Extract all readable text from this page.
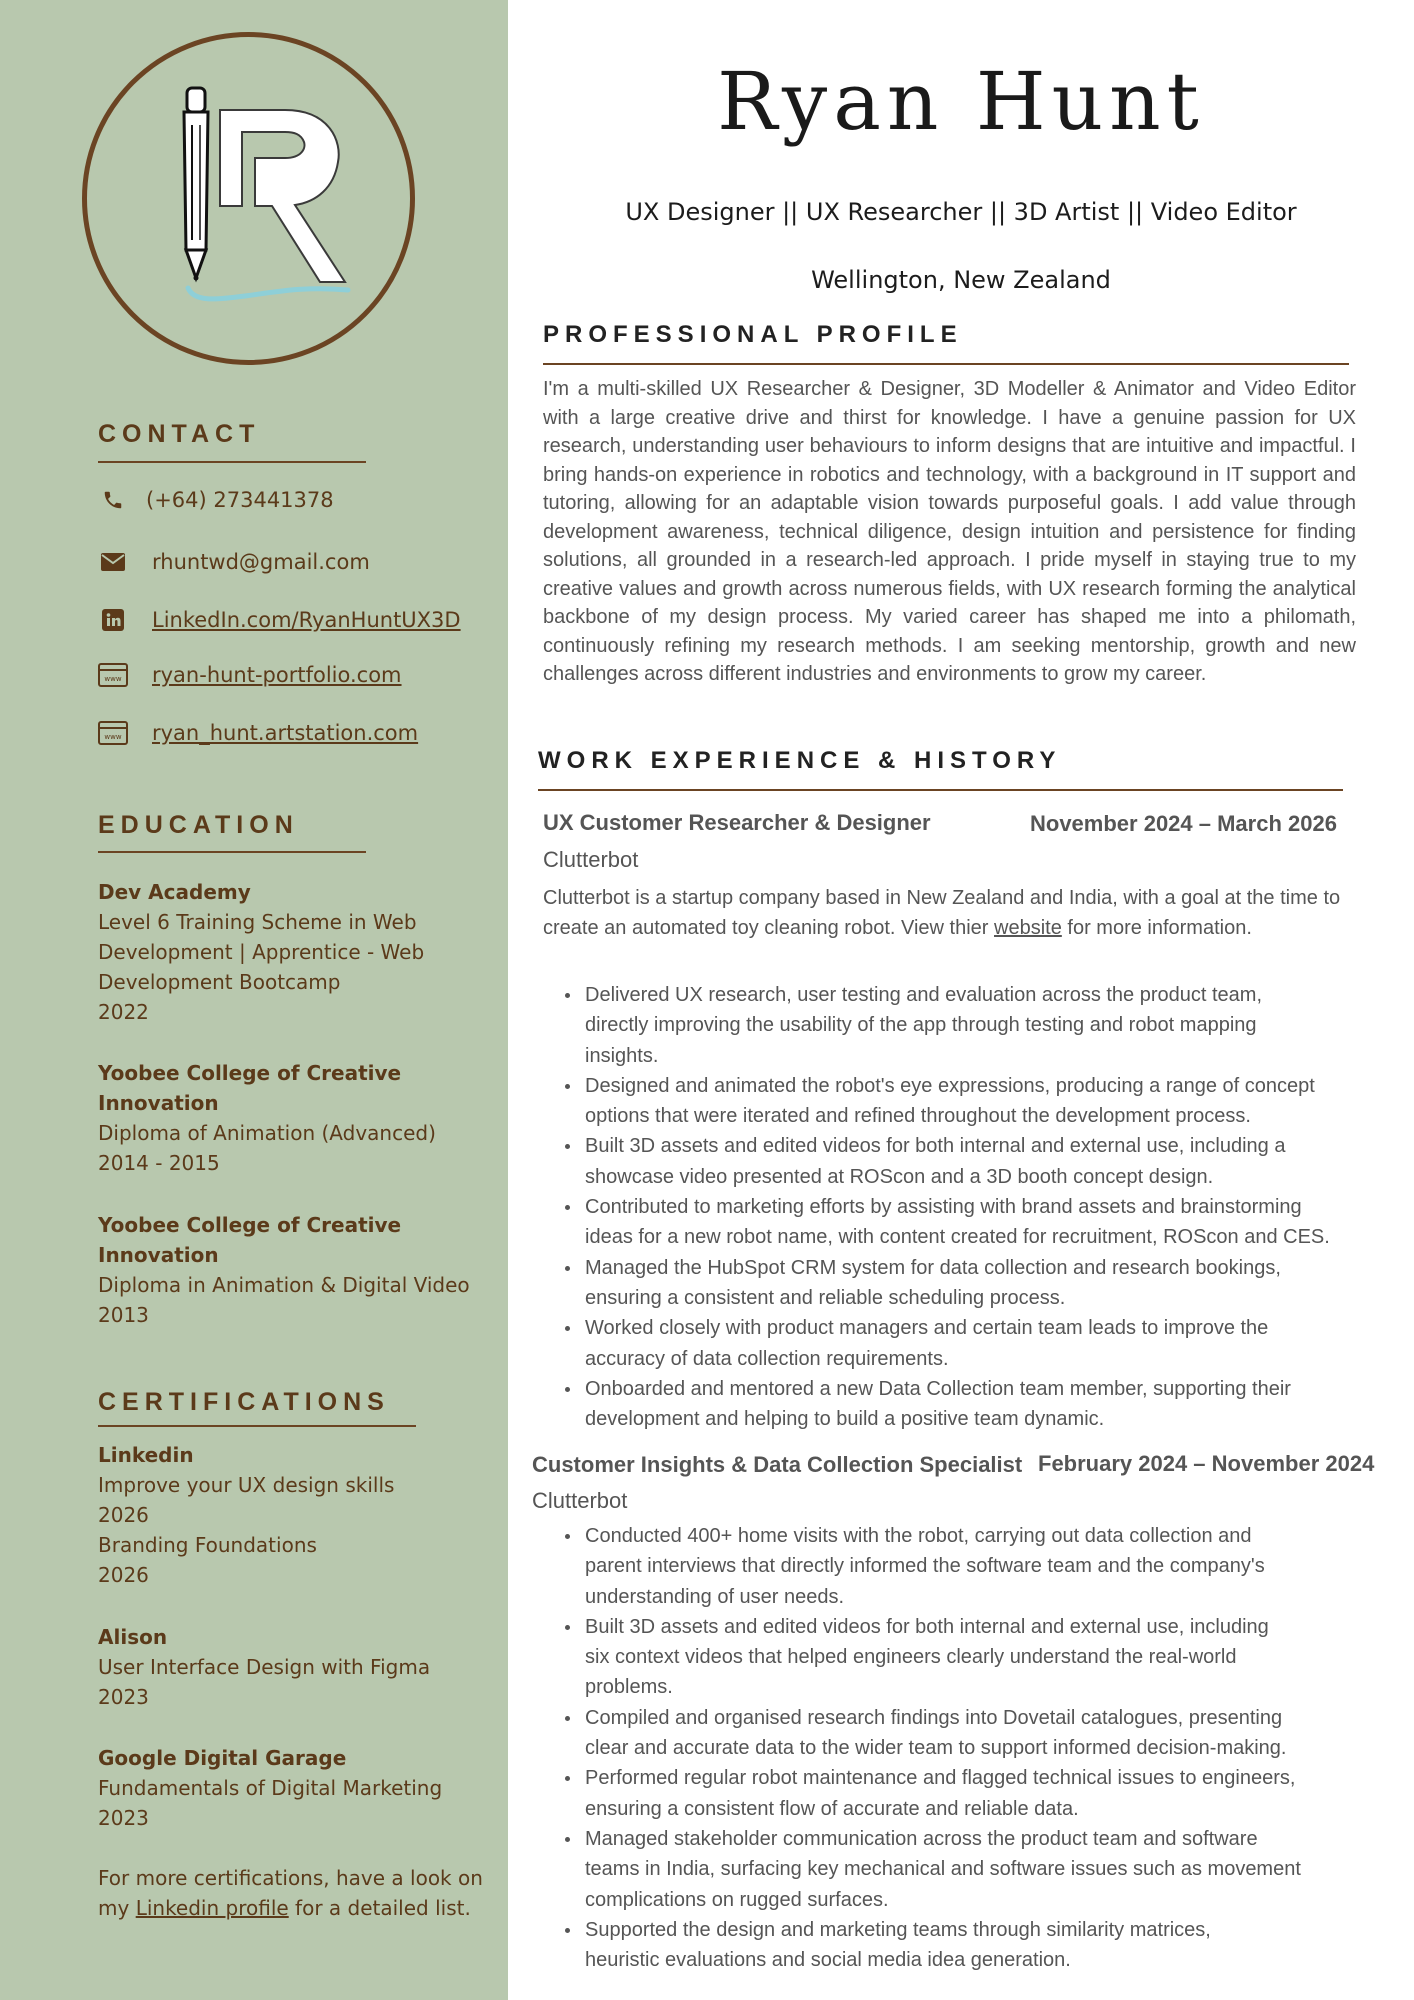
CONTACT
(+64) 273441378
rhuntwd@gmail.com
LinkedIn.com/RyanHuntUX3D
www ryan-hunt-portfolio.com
www ryan_hunt.artstation.com
EDUCATION
Dev Academy
Level 6 Training Scheme in Web
Development | Apprentice - Web
Development Bootcamp
2022
Yoobee College of Creative
Innovation
Diploma of Animation (Advanced)
2014 - 2015
Yoobee College of Creative
Innovation
Diploma in Animation & Digital Video
2013
CERTIFICATIONS
Linkedin
Improve your UX design skills
2026
Branding Foundations
2026
Alison
User Interface Design with Figma
2023
Google Digital Garage
Fundamentals of Digital Marketing
2023
For more certifications, have a look on
my Linkedin profile for a detailed list.
Ryan Hunt
UX Designer || UX Researcher || 3D Artist || Video Editor
Wellington, New Zealand
PROFESSIONAL PROFILE
I'm a multi-skilled UX Researcher & Designer, 3D Modeller & Animator and Video Editor with a large creative drive and thirst for knowledge. I have a genuine passion for UX research, understanding user behaviours to inform designs that are intuitive and impactful. I bring hands-on experience in robotics and technology, with a background in IT support and tutoring, allowing for an adaptable vision towards purposeful goals. I add value through development awareness, technical diligence, design intuition and persistence for finding solutions, all grounded in a research-led approach. I pride myself in staying true to my creative values and growth across numerous fields, with UX research forming the analytical backbone of my design process. My varied career has shaped me into a philomath, continuously refining my research methods. I am seeking mentorship, growth and new challenges across different industries and environments to grow my career.
WORK EXPERIENCE & HISTORY
UX Customer Researcher & Designer	November 2024 – March 2026
Clutterbot
Clutterbot is a startup company based in New Zealand and India, with a goal at the time to create an automated toy cleaning robot. View thier website for more information.
Delivered UX research, user testing and evaluation across the product team,
directly improving the usability of the app through testing and robot mapping
insights.
Designed and animated the robot's eye expressions, producing a range of concept
options that were iterated and refined throughout the development process.
Built 3D assets and edited videos for both internal and external use, including a
showcase video presented at ROScon and a 3D booth concept design.
Contributed to marketing efforts by assisting with brand assets and brainstorming
ideas for a new robot name, with content created for recruitment, ROScon and CES.
Managed the HubSpot CRM system for data collection and research bookings,
ensuring a consistent and reliable scheduling process.
Worked closely with product managers and certain team leads to improve the
accuracy of data collection requirements.
Onboarded and mentored a new Data Collection team member, supporting their
development and helping to build a positive team dynamic.
Customer Insights & Data Collection Specialist February 2024 – November 2024
Clutterbot
Conducted 400+ home visits with the robot, carrying out data collection and
parent interviews that directly informed the software team and the company's
understanding of user needs.
Built 3D assets and edited videos for both internal and external use, including
six context videos that helped engineers clearly understand the real-world
problems.
Compiled and organised research findings into Dovetail catalogues, presenting
clear and accurate data to the wider team to support informed decision-making.
Performed regular robot maintenance and flagged technical issues to engineers,
ensuring a consistent flow of accurate and reliable data.
Managed stakeholder communication across the product team and software
teams in India, surfacing key mechanical and software issues such as movement
complications on rugged surfaces.
Supported the design and marketing teams through similarity matrices,
heuristic evaluations and social media idea generation.
